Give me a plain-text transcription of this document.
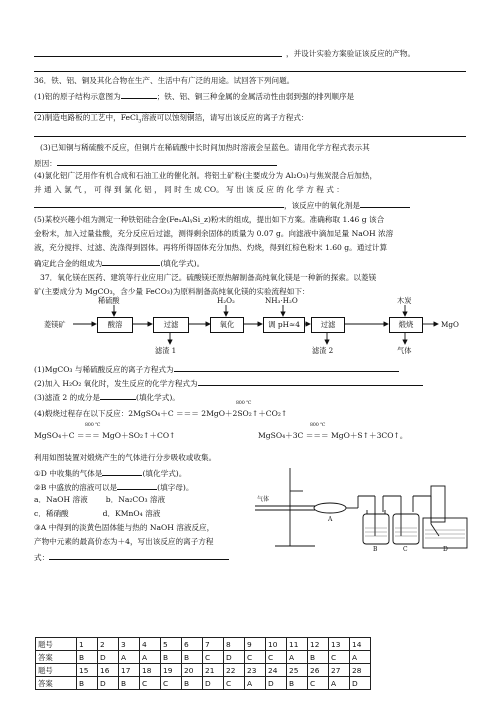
，并设计实验方案验证该反应的产物。
36．铁、铝、铜及其化合物在生产、生活中有广泛的用途。试回答下列问题。
(1)铝的原子结构示意图为	；铁、铝、铜三种金属的金属活动性由弱到强的排列顺序是
(2)制造电路板的工艺中，FeCl$_3$溶液可以蚀刻铜箔，请写出该反应的离子方程式：
(3)已知铜与稀硫酸不反应，但铜片在稀硫酸中长时间加热时溶液会呈蓝色。请用化学方程式表示其
原因：
(4)氯化铝广泛用作有机合成和石油工业的催化剂。将铝土矿粉(主要成分为 Al₂O₃)与焦炭混合后加热，
并 通 入 氯 气 ， 可 得 到 氯 化 铝 ， 同 时 生 成 CO。 写 出 该 反 应 的 化 学 方 程 式 ：
，该反应中的氧化剂是
(5)某校兴趣小组为测定一种铁铝硅合金(FeₓAlᵧSi_z)粉末的组成，提出如下方案。准确称取 1.46 g 该合
金粉末，加入过量盐酸，充分反应后过滤，测得剩余固体的质量为 0.07 g。向滤液中滴加足量 NaOH 浓溶
液，充分搅拌、过滤、洗涤得到固体。再将所得固体充分加热、灼烧，得到红棕色粉末 1.60 g。通过计算
确定此合金的组成为	(填化学式)。
37．氧化镁在医药、建筑等行业应用广泛。硫酸镁还原热解制备高纯氧化镁是一种新的探索。以菱镁
矿(主要成分为 MgCO₃，含少量 FeCO₃)为原料制备高纯氧化镁的实验流程如下：
稀硫酸	H₂O₂	NH₃·H₂O	木炭
菱镁矿	酸溶	过滤	氧化	调 pH≈4	过滤	煅烧	MgO
滤渣 1	滤渣 2	气体
(1)MgCO₃ 与稀硫酸反应的离子方程式为
(2)加入 H₂O₂ 氧化时，发生反应的化学方程式为
(3)滤渣 2 的成分是	(填化学式)。
(4)煅烧过程存在以下反应：2MgSO₄＋C ＝＝＝ 2MgO＋2SO₂↑＋CO₂↑
800 ℃
MgSO₄＋C ＝＝＝ MgO＋SO₂↑＋CO↑
800 ℃
MgSO₄＋3C ＝＝＝ MgO＋S↑＋3CO↑。
800 ℃
利用如图装置对煅烧产生的气体进行分步吸收或收集。
①D 中收集的气体是	(填化学式)。
②B 中盛放的溶液可以是	(填字母)。
a．NaOH 溶液 b．Na₂CO₃ 溶液
c．稀硝酸	d．KMnO₄ 溶液
③A 中得到的淡黄色固体能与热的 NaOH 溶液反应，
产物中元素的最高价态为＋4，写出该反应的离子方程
式：
气体
A
B	C	D
题号	1	2	3	4	5	6	7	8	9	10	11	12	13	14
答案	B	D	A	A	B	B	C	D	C	C	A	B	C	A
题号	15	16	17	18	19	20	21	22	23	24	25	26	27	28
答案	B	D	B	C	C	B	D	C	A	D	B	C	A	D
